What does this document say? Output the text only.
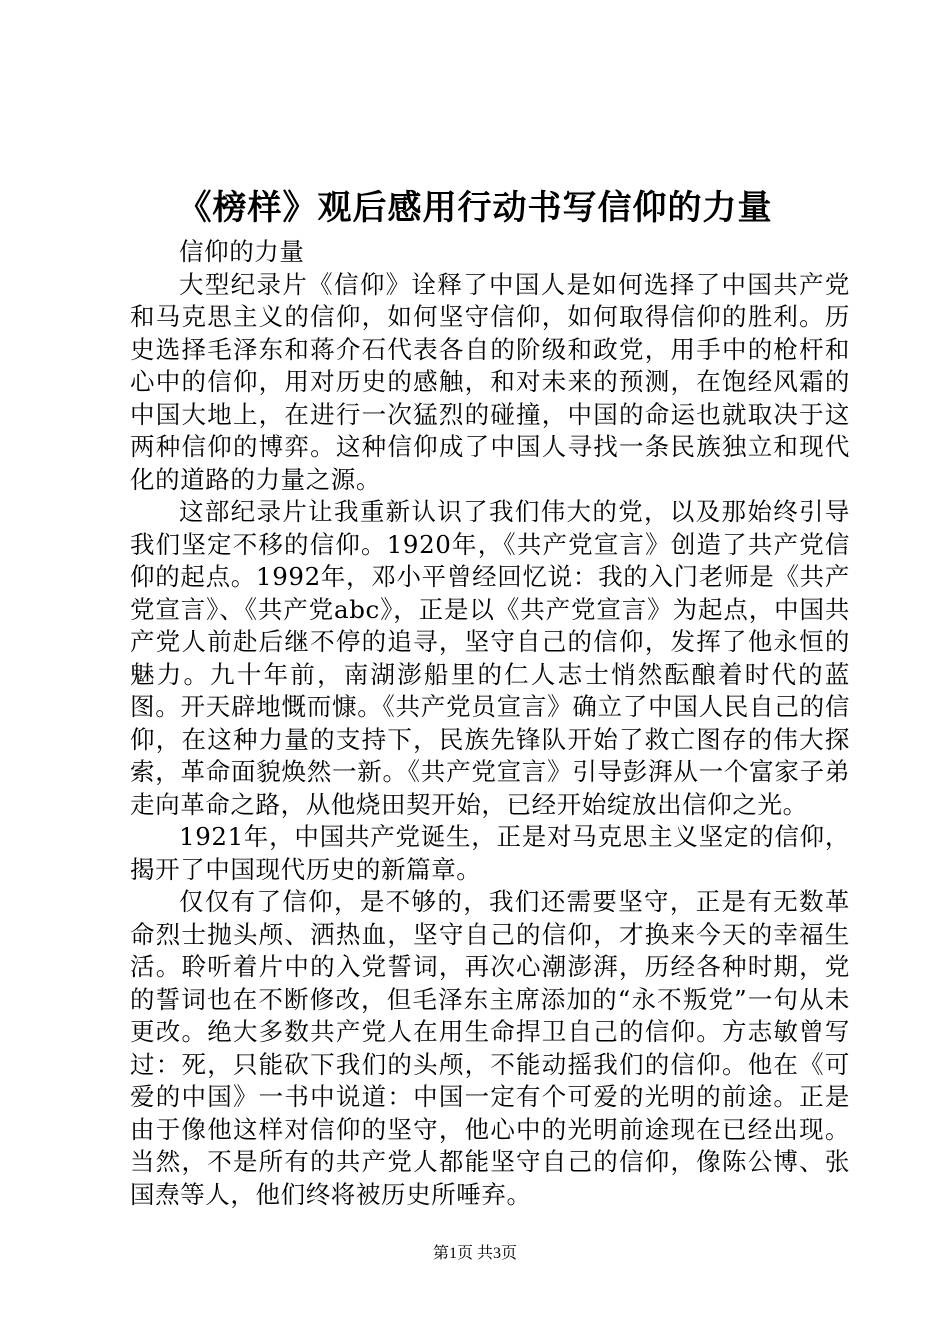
《榜样》观后感用行动书写信仰的力量

信仰的力量

大型纪录片《信仰》诠释了中国人是如何选择了中国共产党和马克思主义的信仰，如何坚守信仰，如何取得信仰的胜利。历史选择毛泽东和蒋介石代表各自的阶级和政党，用手中的枪杆和心中的信仰，用对历史的感触，和对未来的预测，在饱经风霜的中国大地上，在进行一次猛烈的碰撞，中国的命运也就取决于这两种信仰的博弈。这种信仰成了中国人寻找一条民族独立和现代化的道路的力量之源。

这部纪录片让我重新认识了我们伟大的党，以及那始终引导我们坚定不移的信仰。1920年，《共产党宣言》创造了共产党信仰的起点。1992年，邓小平曾经回忆说：我的入门老师是《共产党宣言》、《共产党abc》，正是以《共产党宣言》为起点，中国共产党人前赴后继不停的追寻，坚守自己的信仰，发挥了他永恒的魅力。九十年前，南湖澎船里的仁人志士悄然酝酿着时代的蓝图。开天辟地慨而慷。《共产党员宣言》确立了中国人民自己的信仰，在这种力量的支持下，民族先锋队开始了救亡图存的伟大探索，革命面貌焕然一新。《共产党宣言》引导彭湃从一个富家子弟走向革命之路，从他烧田契开始，已经开始绽放出信仰之光。

1921年，中国共产党诞生，正是对马克思主义坚定的信仰，揭开了中国现代历史的新篇章。

仅仅有了信仰，是不够的，我们还需要坚守，正是有无数革命烈士抛头颅、洒热血，坚守自己的信仰，才换来今天的幸福生活。聆听着片中的入党誓词，再次心潮澎湃，历经各种时期，党的誓词也在不断修改，但毛泽东主席添加的“永不叛党”一句从未更改。绝大多数共产党人在用生命捍卫自己的信仰。方志敏曾写过：死，只能砍下我们的头颅，不能动摇我们的信仰。他在《可爱的中国》一书中说道：中国一定有个可爱的光明的前途。正是由于像他这样对信仰的坚守，他心中的光明前途现在已经出现。当然，不是所有的共产党人都能坚守自己的信仰，像陈公博、张国焘等人，他们终将被历史所唾弃。

第1页 共3页
